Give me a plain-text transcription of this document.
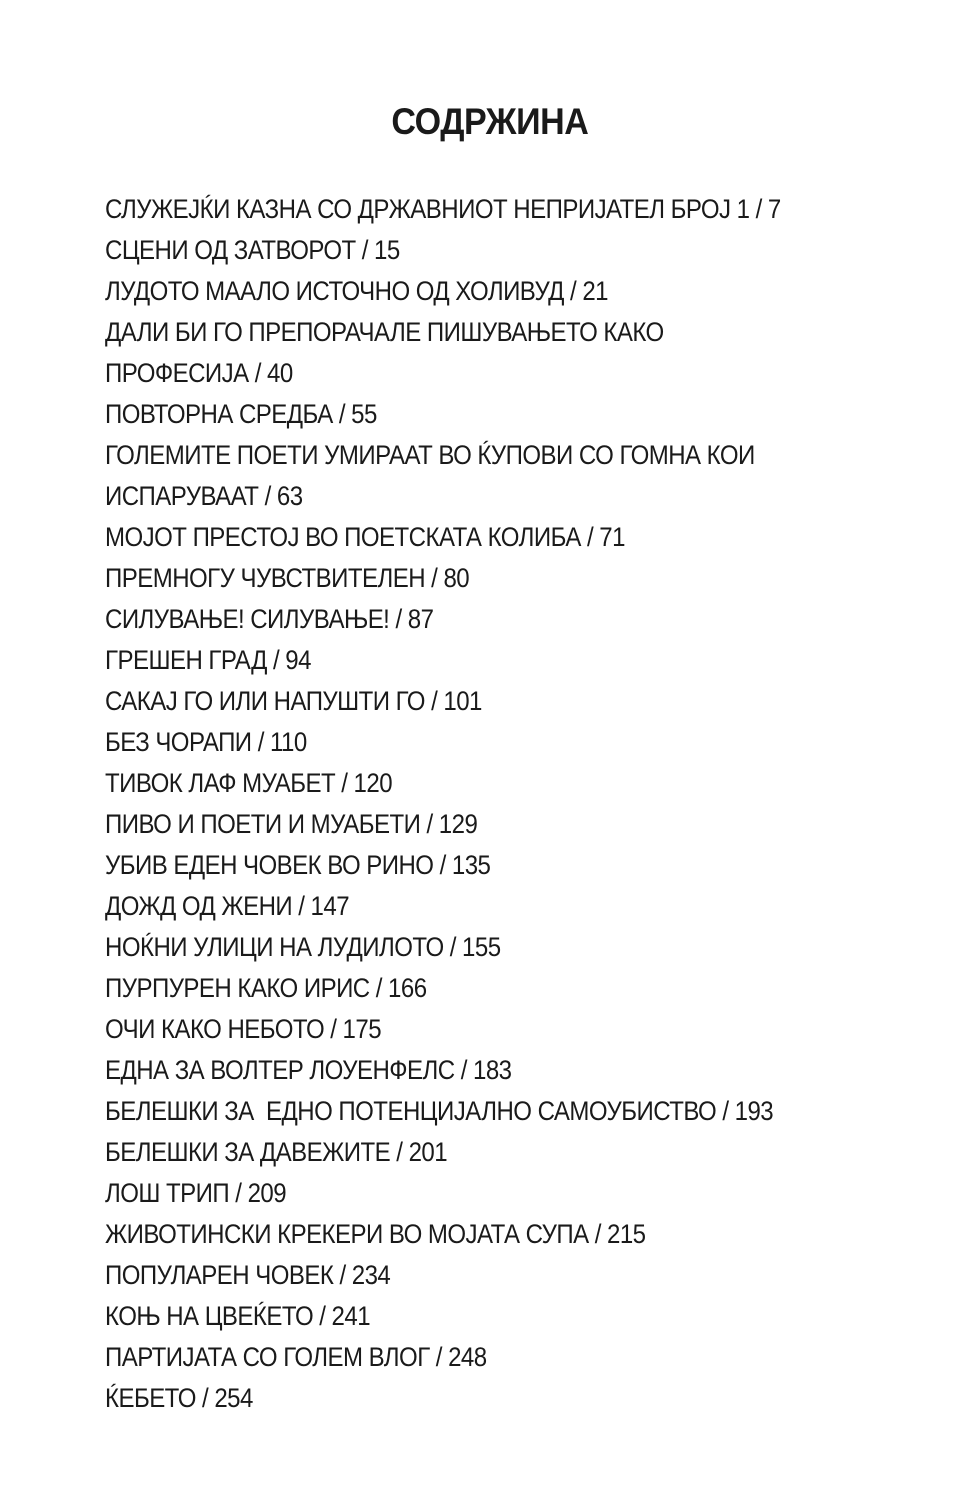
СОДРЖИНА
СЛУЖЕЈЌИ КАЗНА СО ДРЖАВНИОТ НЕПРИЈАТЕЛ БРОЈ 1 / 7
СЦЕНИ ОД ЗАТВОРОТ / 15
ЛУДОТО МААЛО ИСТОЧНО ОД ХОЛИВУД / 21
ДАЛИ БИ ГО ПРЕПОРАЧАЛЕ ПИШУВАЊЕТО КАКО
ПРОФЕСИЈА / 40
ПОВТОРНА СРЕДБА / 55
ГОЛЕМИТЕ ПОЕТИ УМИРААТ ВО ЌУПОВИ СО ГОМНА КОИ
ИСПАРУВААТ / 63
МОЈОТ ПРЕСТОЈ ВО ПОЕТСКАТА КОЛИБА / 71
ПРЕМНОГУ ЧУВСТВИТЕЛЕН / 80
СИЛУВАЊЕ! СИЛУВАЊЕ! / 87
ГРЕШЕН ГРАД / 94
САКАЈ ГО ИЛИ НАПУШТИ ГО / 101
БЕЗ ЧОРАПИ / 110
ТИВОК ЛАФ МУАБЕТ / 120
ПИВО И ПОЕТИ И МУАБЕТИ / 129
УБИВ ЕДЕН ЧОВЕК ВО РИНО / 135
ДОЖД ОД ЖЕНИ / 147
НОЌНИ УЛИЦИ НА ЛУДИЛОТО / 155
ПУРПУРЕН КАКО ИРИС / 166
ОЧИ КАКО НЕБОТО / 175
ЕДНА ЗА ВОЛТЕР ЛОУЕНФЕЛС / 183
БЕЛЕШКИ ЗА  ЕДНО ПОТЕНЦИЈАЛНО САМОУБИСТВО / 193
БЕЛЕШКИ ЗА ДАВЕЖИТЕ / 201
ЛОШ ТРИП / 209
ЖИВОТИНСКИ КРЕКЕРИ ВО МОЈАТА СУПА / 215
ПОПУЛАРЕН ЧОВЕК / 234
КОЊ НА ЦВЕЌЕТО / 241
ПАРТИЈАТА СО ГОЛЕМ ВЛОГ / 248
ЌЕБЕТО / 254
